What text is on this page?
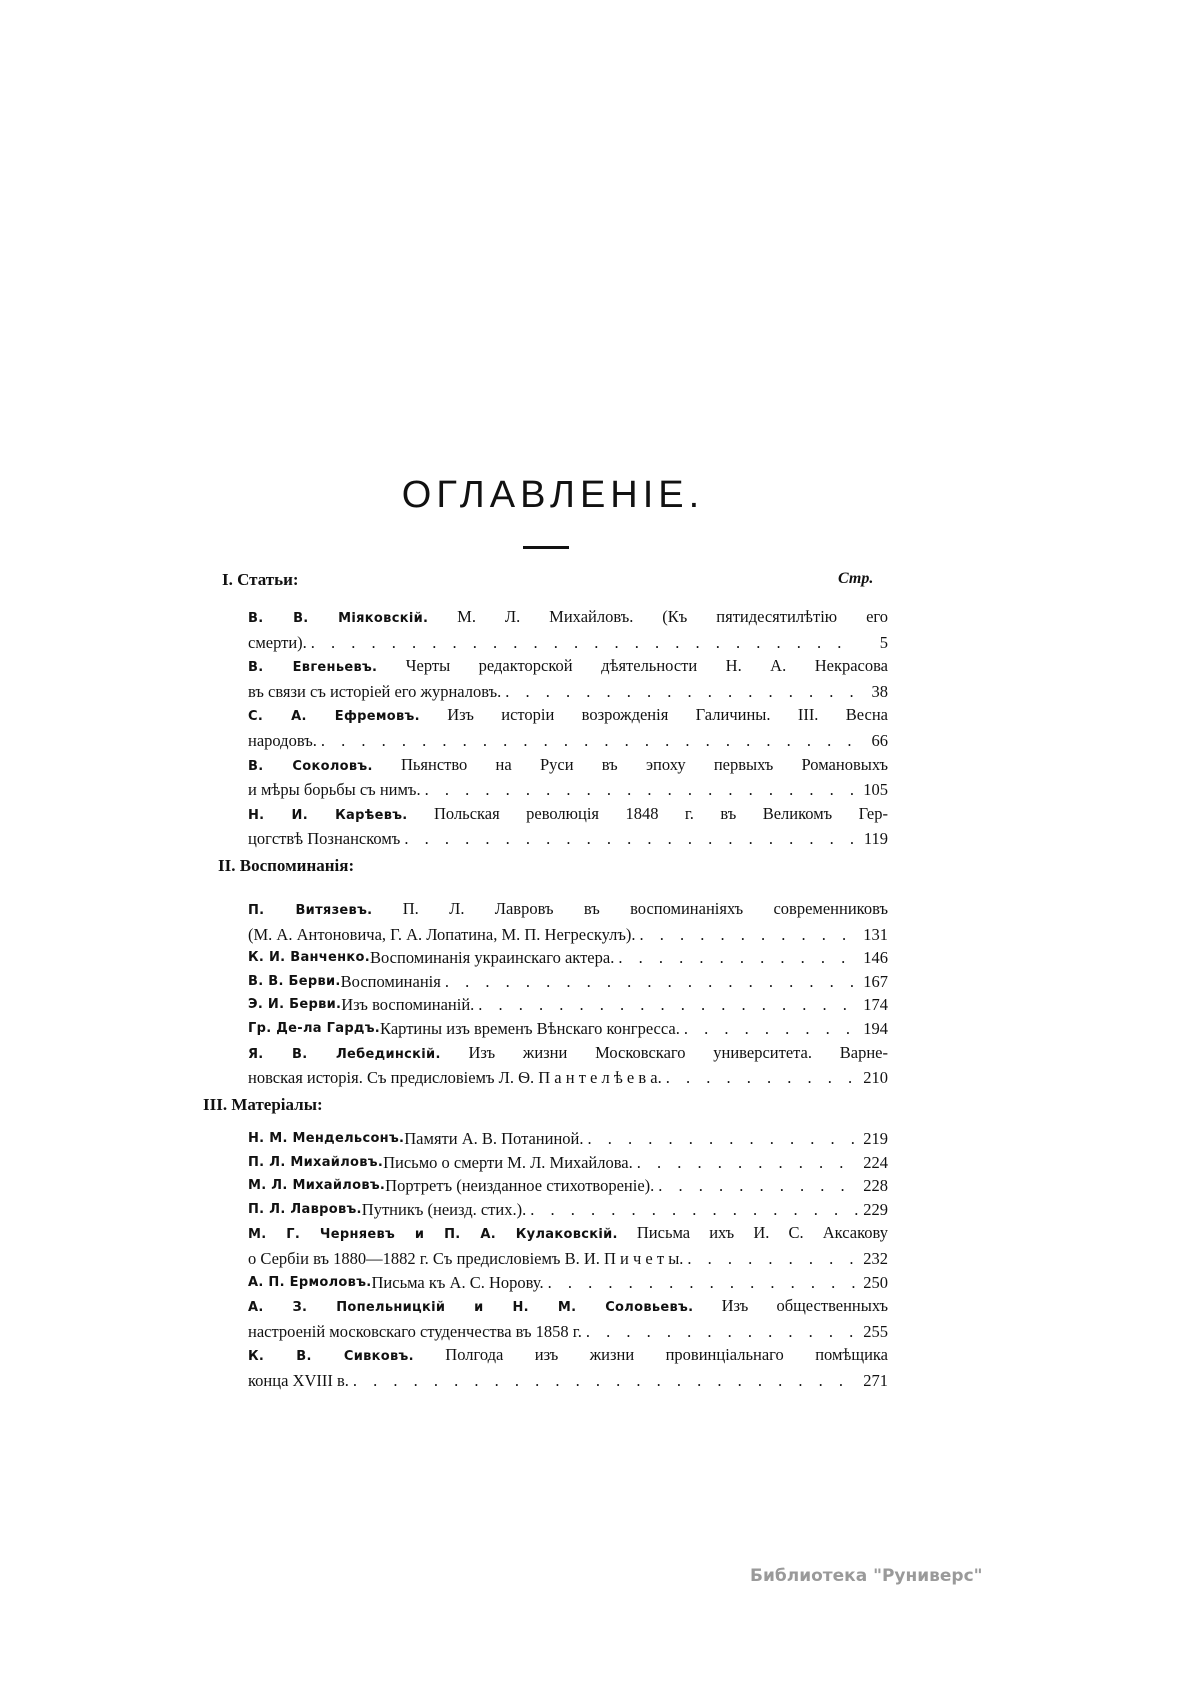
ОГЛАВЛЕНІЕ.
I. Статьи:	Стр.
В. В. Міяковскій. М. Л. Михайловъ. (Къ пятидесятилѣтію его
смерти). . . .	5
В. Евгеньевъ. Черты редакторской дѣятельности Н. А. Некрасова
въ связи съ исторіей его журналовъ. . . .	38
С. А. Ефремовъ. Изъ исторіи возрожденія Галичины. III. Весна
народовъ. . . .	66
В. Соколовъ. Пьянство на Руси въ эпоху первыхъ Романовыхъ
и мѣры борьбы съ нимъ. . . .	105
Н. И. Карѣевъ. Польская революція 1848 г. въ Великомъ Гер-
цогствѣ Познанскомъ . . .	119
II. Воспоминанія:
П. Витязевъ. П. Л. Лавровъ въ воспоминаніяхъ современниковъ
(М. А. Антоновича, Г. А. Лопатина, М. П. Негрескулъ). . . .	131
К. И. Ванченко. Воспоминанія украинскаго актера. . . .	146
В. В. Берви. Воспоминанія . . .	167
Э. И. Берви. Изъ воспоминаній. . . .	174
Гр. Де-ла Гардъ. Картины изъ временъ Вѣнскаго конгресса. . . .	194
Я. В. Лебединскій. Изъ жизни Московскаго университета. Варне-
новская исторія. Съ предисловіемъ Л. Ѳ. П а н т е л ѣ е в а. . . .	210
III. Матеріалы:
Н. М. Мендельсонъ. Памяти А. В. Потаниной. . . .	219
П. Л. Михайловъ. Письмо о смерти М. Л. Михайлова. . . .	224
М. Л. Михайловъ. Портретъ (неизданное стихотвореніе). . . .	228
П. Л. Лавровъ. Путникъ (неизд. стих.). . . .	229
М. Г. Черняевъ и П. А. Кулаковскій. Письма ихъ И. С. Аксакову
о Сербіи въ 1880—1882 г. Съ предисловіемъ В. И. П и ч е т ы. . . .	232
А. П. Ермоловъ. Письма къ А. С. Норову. . . .	250
А. З. Попельницкій и Н. М. Соловьевъ. Изъ общественныхъ
настроеній московскаго студенчества въ 1858 г. . . .	255
К. В. Сивковъ. Полгода изъ жизни провинціальнаго помѣщика
конца XVIII в. . . .	271
Библиотека "Руниверс"
